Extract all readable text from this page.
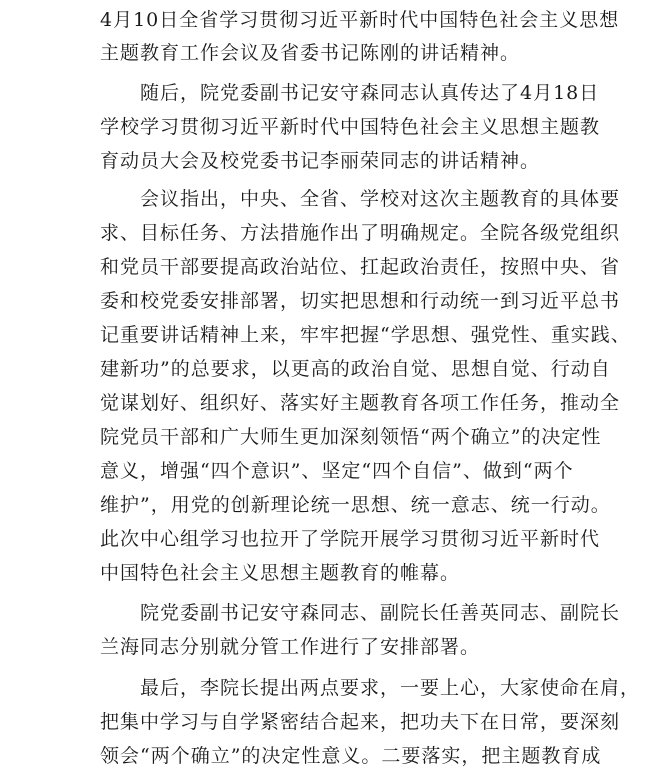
4月10日全省学习贯彻习近平新时代中国特色社会主义思想

主题教育工作会议及省委书记陈刚的讲话精神。

　　随后，院党委副书记安守森同志认真传达了4月18日

学校学习贯彻习近平新时代中国特色社会主义思想主题教

育动员大会及校党委书记李丽荣同志的讲话精神。

　　会议指出，中央、全省、学校对这次主题教育的具体要

求、目标任务、方法措施作出了明确规定。全院各级党组织

和党员干部要提高政治站位、扛起政治责任，按照中央、省

委和校党委安排部署，切实把思想和行动统一到习近平总书

记重要讲话精神上来，牢牢把握“学思想、强党性、重实践、

建新功”的总要求，以更高的政治自觉、思想自觉、行动自

觉谋划好、组织好、落实好主题教育各项工作任务，推动全

院党员干部和广大师生更加深刻领悟“两个确立”的决定性

意义，增强“四个意识”、坚定“四个自信”、做到“两个

维护”，用党的创新理论统一思想、统一意志、统一行动。

此次中心组学习也拉开了学院开展学习贯彻习近平新时代

中国特色社会主义思想主题教育的帷幕。

　　院党委副书记安守森同志、副院长任善英同志、副院长

兰海同志分别就分管工作进行了安排部署。

　　最后，李院长提出两点要求，一要上心，大家使命在肩，

把集中学习与自学紧密结合起来，把功夫下在日常，要深刻

领会“两个确立”的决定性意义。二要落实，把主题教育成
